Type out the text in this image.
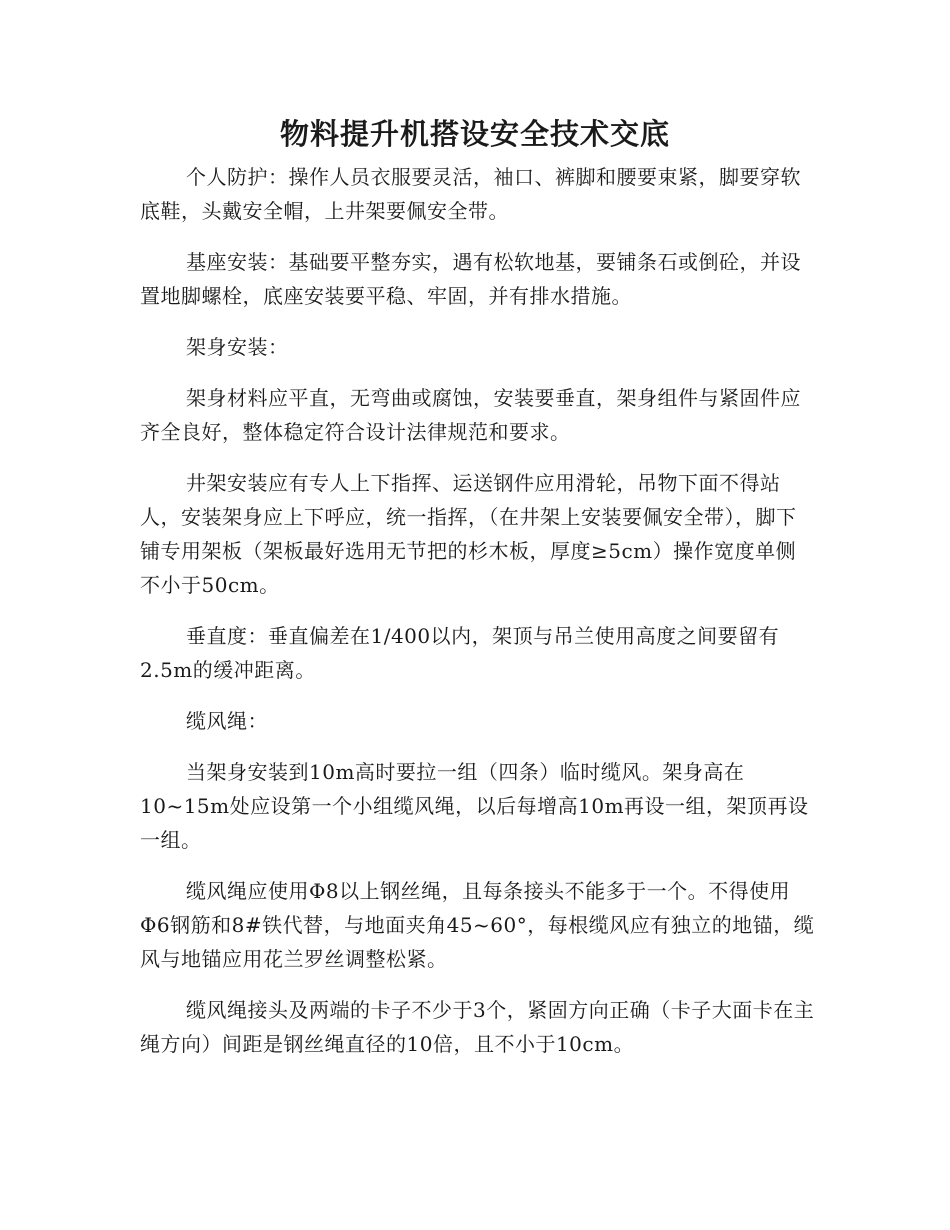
物料提升机搭设安全技术交底

个人防护：操作人员衣服要灵活，袖口、裤脚和腰要束紧，脚要穿软底鞋，头戴安全帽，上井架要佩安全带。

基座安装：基础要平整夯实，遇有松软地基，要铺条石或倒砼，并设置地脚螺栓，底座安装要平稳、牢固，并有排水措施。

架身安装：

架身材料应平直，无弯曲或腐蚀，安装要垂直，架身组件与紧固件应齐全良好，整体稳定符合设计法律规范和要求。

井架安装应有专人上下指挥、运送钢件应用滑轮，吊物下面不得站人，安装架身应上下呼应，统一指挥，（在井架上安装要佩安全带），脚下铺专用架板（架板最好选用无节把的杉木板，厚度≥5cm）操作宽度单侧不小于50cm。

垂直度：垂直偏差在1/400以内，架顶与吊兰使用高度之间要留有2.5m的缓冲距离。

缆风绳：

当架身安装到10m高时要拉一组（四条）临时缆风。架身高在10~15m处应设第一个小组缆风绳，以后每增高10m再设一组，架顶再设一组。

缆风绳应使用Φ8以上钢丝绳，且每条接头不能多于一个。不得使用Φ6钢筋和8#铁代替，与地面夹角45~60°，每根缆风应有独立的地锚，缆风与地锚应用花兰罗丝调整松紧。

缆风绳接头及两端的卡子不少于3个，紧固方向正确（卡子大面卡在主绳方向）间距是钢丝绳直径的10倍，且不小于10cm。
